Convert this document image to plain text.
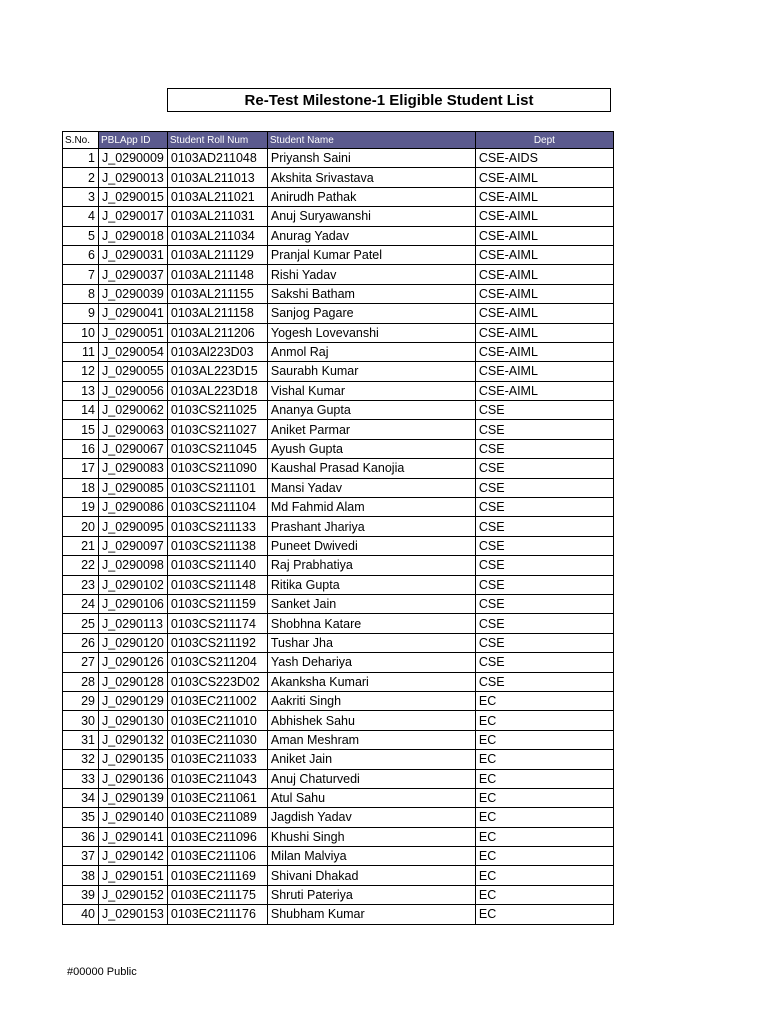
Re-Test Milestone-1 Eligible Student List
S.No.	PBLApp ID	Student Roll Num	Student Name	Dept
1	J_0290009	0103AD211048	Priyansh Saini	CSE-AIDS
2	J_0290013	0103AL211013	Akshita Srivastava	CSE-AIML
3	J_0290015	0103AL211021	Anirudh Pathak	CSE-AIML
4	J_0290017	0103AL211031	Anuj Suryawanshi	CSE-AIML
5	J_0290018	0103AL211034	Anurag Yadav	CSE-AIML
6	J_0290031	0103AL211129	Pranjal Kumar Patel	CSE-AIML
7	J_0290037	0103AL211148	Rishi Yadav	CSE-AIML
8	J_0290039	0103AL211155	Sakshi Batham	CSE-AIML
9	J_0290041	0103AL211158	Sanjog Pagare	CSE-AIML
10	J_0290051	0103AL211206	Yogesh Lovevanshi	CSE-AIML
11	J_0290054	0103Al223D03	Anmol Raj	CSE-AIML
12	J_0290055	0103AL223D15	Saurabh Kumar	CSE-AIML
13	J_0290056	0103AL223D18	Vishal Kumar	CSE-AIML
14	J_0290062	0103CS211025	Ananya Gupta	CSE
15	J_0290063	0103CS211027	Aniket Parmar	CSE
16	J_0290067	0103CS211045	Ayush Gupta	CSE
17	J_0290083	0103CS211090	Kaushal Prasad Kanojia	CSE
18	J_0290085	0103CS211101	Mansi Yadav	CSE
19	J_0290086	0103CS211104	Md Fahmid Alam	CSE
20	J_0290095	0103CS211133	Prashant Jhariya	CSE
21	J_0290097	0103CS211138	Puneet Dwivedi	CSE
22	J_0290098	0103CS211140	Raj Prabhatiya	CSE
23	J_0290102	0103CS211148	Ritika Gupta	CSE
24	J_0290106	0103CS211159	Sanket Jain	CSE
25	J_0290113	0103CS211174	Shobhna Katare	CSE
26	J_0290120	0103CS211192	Tushar Jha	CSE
27	J_0290126	0103CS211204	Yash Dehariya	CSE
28	J_0290128	0103CS223D02	Akanksha Kumari	CSE
29	J_0290129	0103EC211002	Aakriti Singh	EC
30	J_0290130	0103EC211010	Abhishek Sahu	EC
31	J_0290132	0103EC211030	Aman Meshram	EC
32	J_0290135	0103EC211033	Aniket Jain	EC
33	J_0290136	0103EC211043	Anuj Chaturvedi	EC
34	J_0290139	0103EC211061	Atul Sahu	EC
35	J_0290140	0103EC211089	Jagdish Yadav	EC
36	J_0290141	0103EC211096	Khushi Singh	EC
37	J_0290142	0103EC211106	Milan Malviya	EC
38	J_0290151	0103EC211169	Shivani Dhakad	EC
39	J_0290152	0103EC211175	Shruti Pateriya	EC
40	J_0290153	0103EC211176	Shubham Kumar	EC
#00000 Public
